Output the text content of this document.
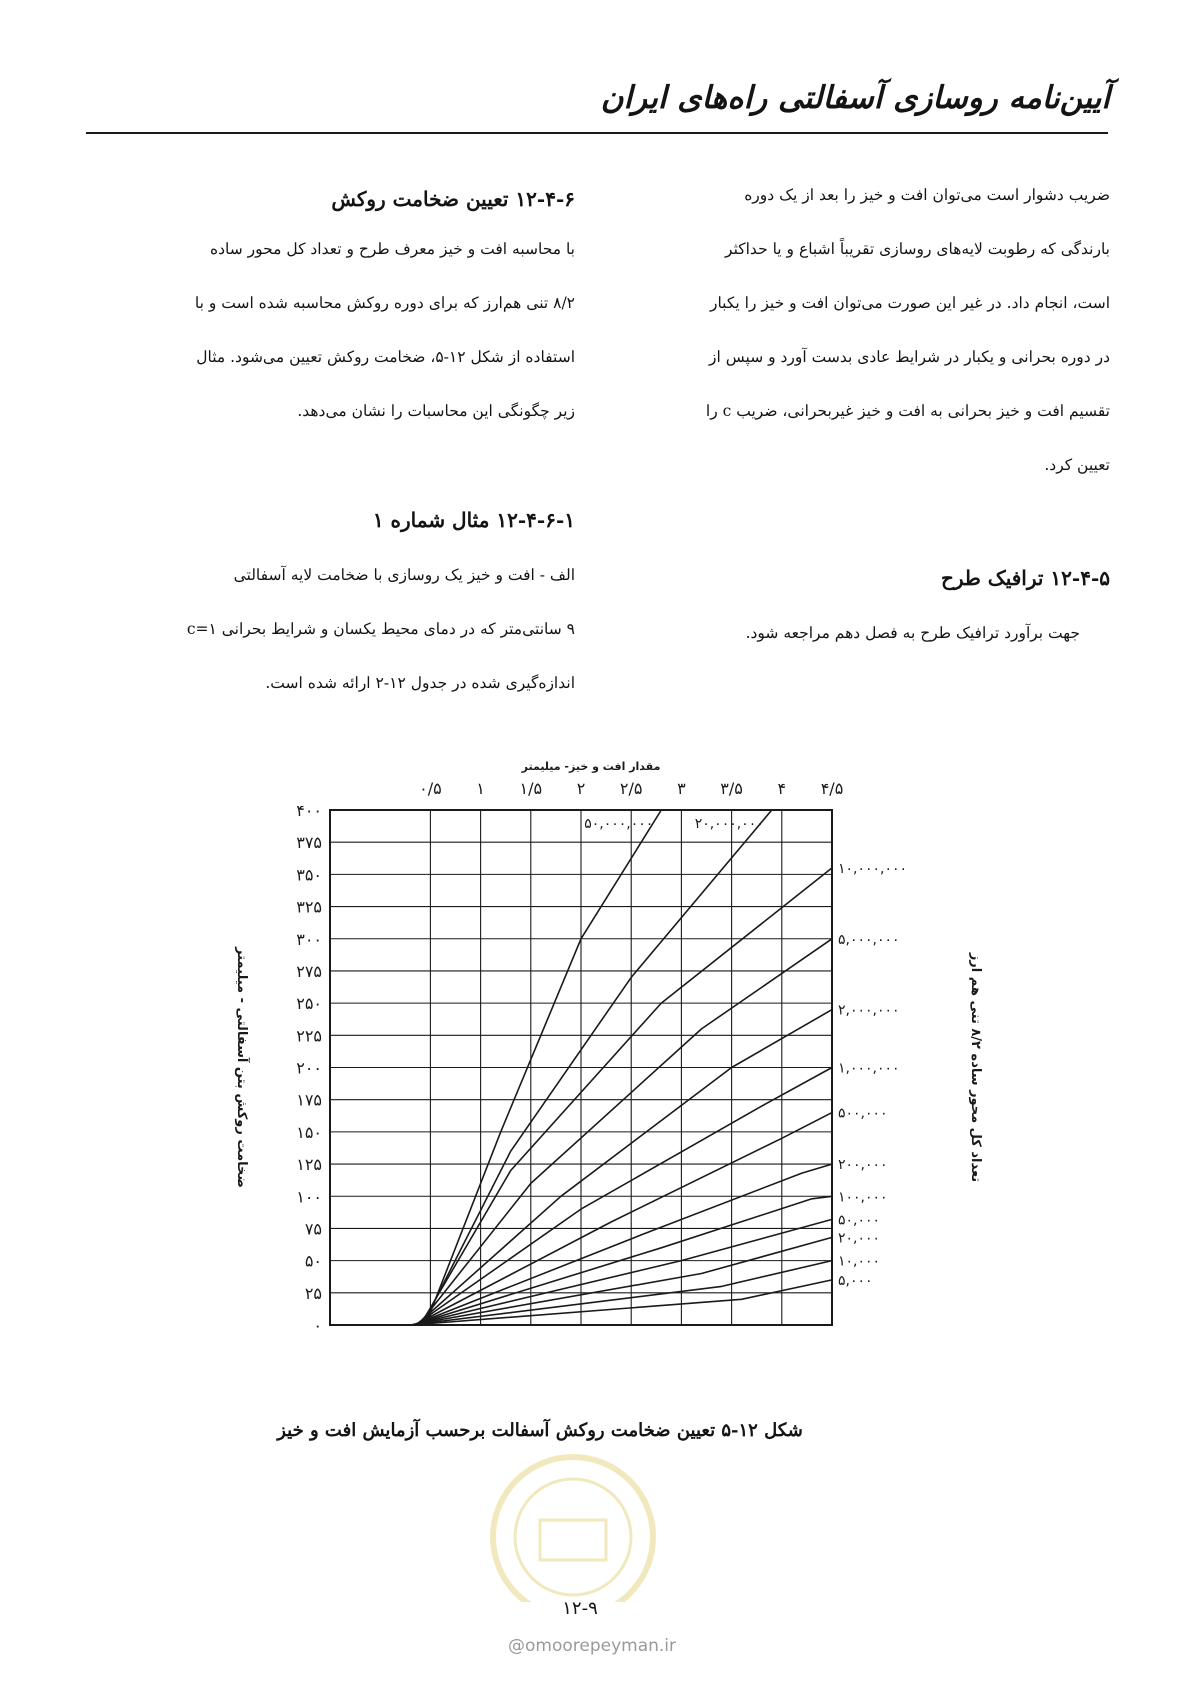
آیین‌نامه روسازی آسفالتی راه‌های ایران

ضریب دشوار است می‌توان افت و خیز را بعد از یک دوره

بارندگی که رطوبت لایه‌های روسازی تقریباً اشباع و یا حداکثر

است، انجام داد. در غیر این صورت می‌توان افت و خیز را یکبار

در دوره بحرانی و یکبار در شرایط عادی بدست آورد و سپس از

تقسیم افت و خیز بحرانی به افت و خیز غیربحرانی، ضریب c را

تعیین کرد.

۱۲-۴-۵ ترافیک طرح

جهت برآورد ترافیک طرح به فصل دهم مراجعه شود.

۱۲-۴-۶ تعیین ضخامت روکش

با محاسبه افت و خیز معرف طرح و تعداد کل محور ساده

۸/۲ تنی هم‌ارز که برای دوره روکش محاسبه شده است و با

استفاده از شکل ۱۲-۵، ضخامت روکش تعیین می‌شود. مثال

زیر چگونگی این محاسبات را نشان می‌دهد.

۱۲-۴-۶-۱ مثال شماره ۱

الف - افت و خیز یک روسازی با ضخامت لایه آسفالتی

۹ سانتی‌متر که در دمای محیط یکسان و شرایط بحرانی c=۱

اندازه‌گیری شده در جدول ۱۲-۲ ارائه شده است.

۰/۵ ۱ ۱/۵ ۲ ۲/۵ ۳ ۳/۵ ۴ ۴/۵
۰
۲۵
۵۰
۷۵
۱۰۰
۱۲۵
۱۵۰
۱۷۵
۲۰۰
۲۲۵
۲۵۰
۲۷۵
۳۰۰
۳۲۵
۳۵۰
۳۷۵
۴۰۰
مقدار افت و خیز- میلیمتر
ضخامت روکش بتن آسفالتی - میلیمتر	تعداد کل محور ساده ۸/۲ تنی هم ارز
۵۰,۰۰۰,۰۰۰	۲۰,۰۰۰,۰۰۰
۱۰,۰۰۰,۰۰۰
۵,۰۰۰,۰۰۰
۲,۰۰۰,۰۰۰
۱,۰۰۰,۰۰۰
۵۰۰,۰۰۰
۲۰۰,۰۰۰
۱۰۰,۰۰۰
۵۰,۰۰۰
۲۰,۰۰۰
۱۰,۰۰۰
۵,۰۰۰
شکل ۱۲-۵ تعیین ضخامت روکش آسفالت برحسب آزمایش افت و خیز
۱۲-۹
@omoorepeyman.ir
